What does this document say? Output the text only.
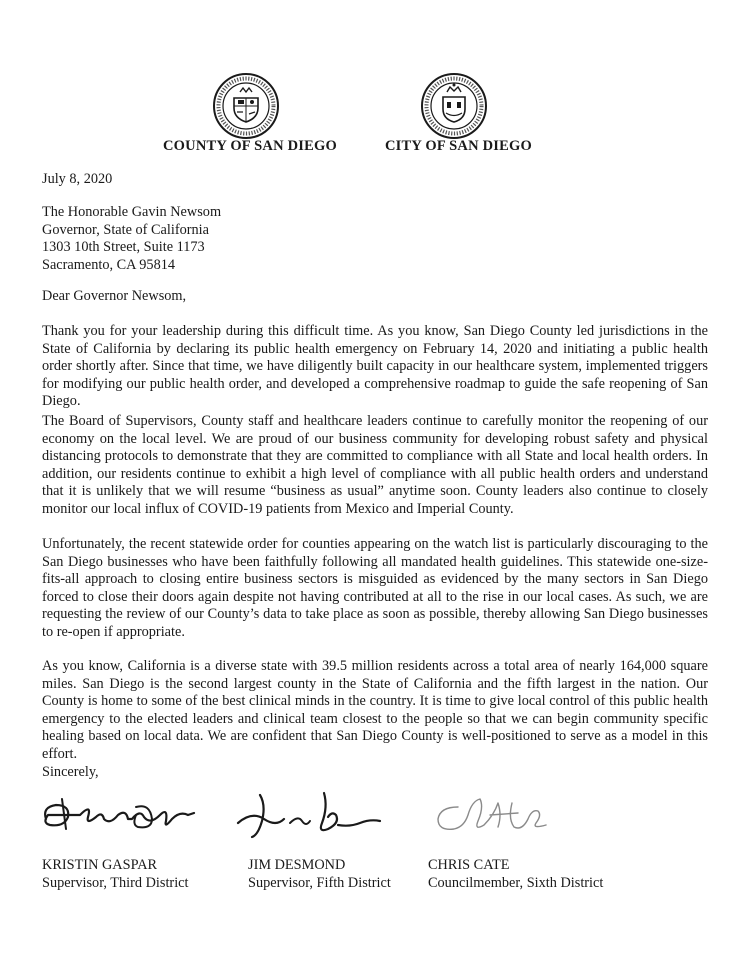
COUNTY OF SAN DIEGO	CITY OF SAN DIEGO
July 8, 2020
The Honorable Gavin Newsom
Governor, State of California
1303 10th Street, Suite 1173
Sacramento, CA 95814
Dear Governor Newsom,
Thank you for your leadership during this difficult time. As you know, San Diego County led jurisdictions in the State of California by declaring its public health emergency on February 14, 2020 and initiating a public health order shortly after. Since that time, we have diligently built capacity in our healthcare system, implemented triggers for modifying our public health order, and developed a comprehensive roadmap to guide the safe reopening of San Diego.
The Board of Supervisors, County staff and healthcare leaders continue to carefully monitor the reopening of our economy on the local level. We are proud of our business community for developing robust safety and physical distancing protocols to demonstrate that they are committed to compliance with all State and local health orders. In addition, our residents continue to exhibit a high level of compliance with all public health orders and understand that it is unlikely that we will resume “business as usual” anytime soon. County leaders also continue to closely monitor our local influx of COVID-19 patients from Mexico and Imperial County.
Unfortunately, the recent statewide order for counties appearing on the watch list is particularly discouraging to the San Diego businesses who have been faithfully following all mandated health guidelines. This statewide one-size-fits-all approach to closing entire business sectors is misguided as evidenced by the many sectors in San Diego forced to close their doors again despite not having contributed at all to the rise in our local cases. As such, we are requesting the review of our County’s data to take place as soon as possible, thereby allowing San Diego businesses to re-open if appropriate.
As you know, California is a diverse state with 39.5 million residents across a total area of nearly 164,000 square miles. San Diego is the second largest county in the State of California and the fifth largest in the nation. Our County is home to some of the best clinical minds in the country. It is time to give local control of this public health emergency to the elected leaders and clinical team closest to the people so that we can begin community specific healing based on local data. We are confident that San Diego County is well-positioned to serve as a model in this effort.
Sincerely,
KRISTIN GASPAR
Supervisor, Third District
JIM DESMOND
Supervisor, Fifth District
CHRIS CATE
Councilmember, Sixth District
